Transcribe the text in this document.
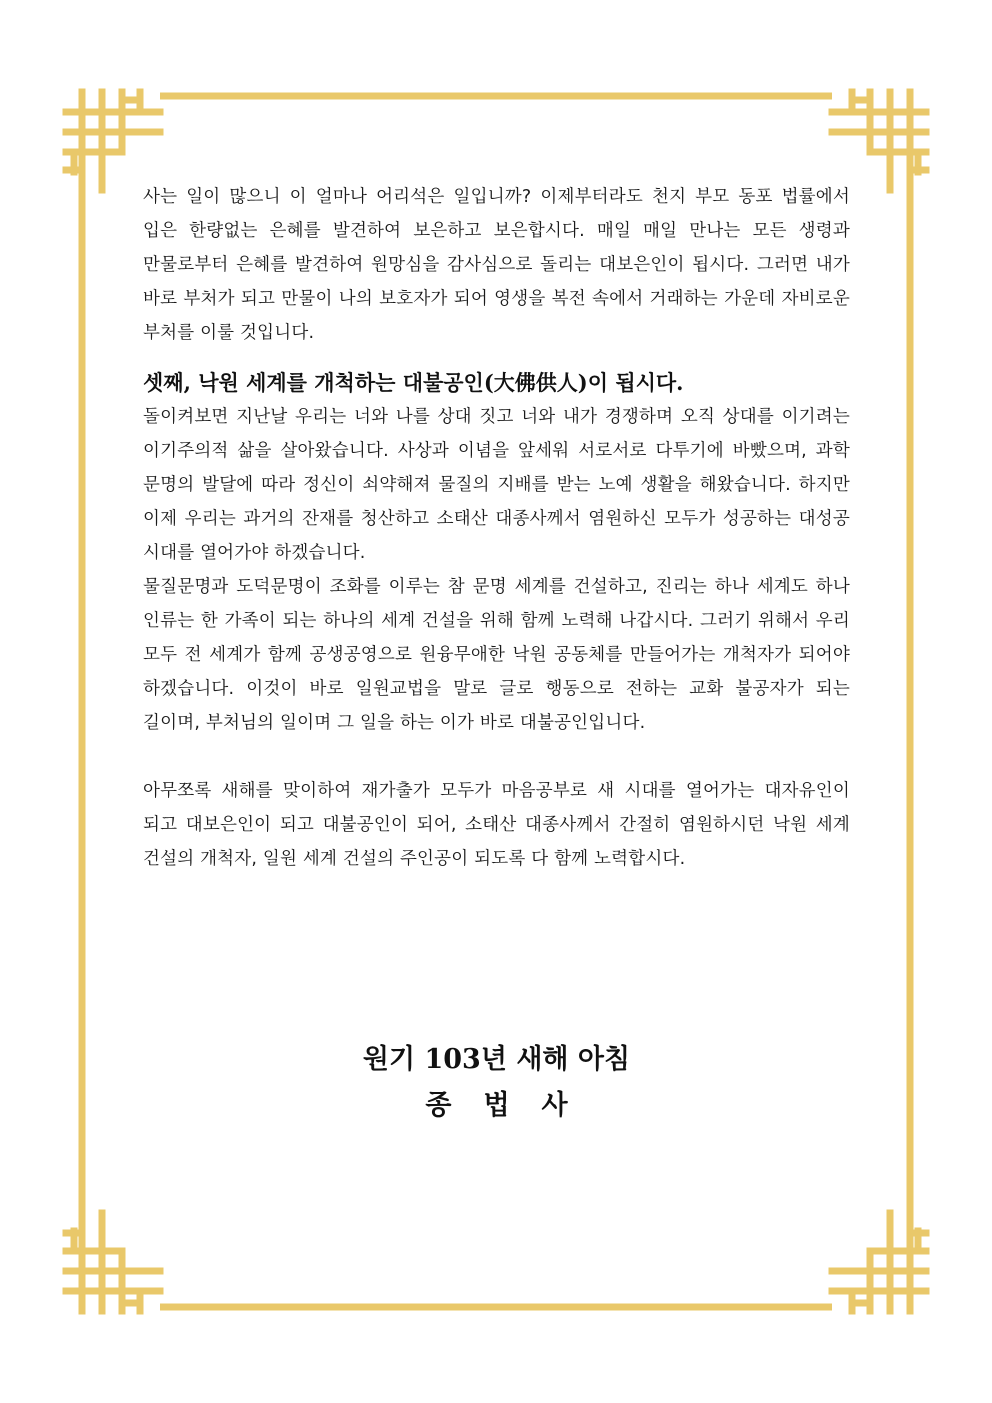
사는 일이 많으니 이 얼마나 어리석은 일입니까? 이제부터라도 천지 부모 동포 법률에서 입은 한량없는 은혜를 발견하여 보은하고 보은합시다. 매일 매일 만나는 모든 생령과 만물로부터 은혜를 발견하여 원망심을 감사심으로 돌리는 대보은인이 됩시다. 그러면 내가 바로 부처가 되고 만물이 나의 보호자가 되어 영생을 복전 속에서 거래하는 가운데 자비로운 부처를 이룰 것입니다.

셋째, 낙원 세계를 개척하는 대불공인(大佛供人)이 됩시다.

돌이켜보면 지난날 우리는 너와 나를 상대 짓고 너와 내가 경쟁하며 오직 상대를 이기려는 이기주의적 삶을 살아왔습니다. 사상과 이념을 앞세워 서로서로 다투기에 바빴으며, 과학 문명의 발달에 따라 정신이 쇠약해져 물질의 지배를 받는 노예 생활을 해왔습니다. 하지만 이제 우리는 과거의 잔재를 청산하고 소태산 대종사께서 염원하신 모두가 성공하는 대성공 시대를 열어가야 하겠습니다.

물질문명과 도덕문명이 조화를 이루는 참 문명 세계를 건설하고, 진리는 하나 세계도 하나 인류는 한 가족이 되는 하나의 세계 건설을 위해 함께 노력해 나갑시다. 그러기 위해서 우리 모두 전 세계가 함께 공생공영으로 원융무애한 낙원 공동체를 만들어가는 개척자가 되어야 하겠습니다. 이것이 바로 일원교법을 말로 글로 행동으로 전하는 교화 불공자가 되는 길이며, 부처님의 일이며 그 일을 하는 이가 바로 대불공인입니다.

아무쪼록 새해를 맞이하여 재가출가 모두가 마음공부로 새 시대를 열어가는 대자유인이 되고 대보은인이 되고 대불공인이 되어, 소태산 대종사께서 간절히 염원하시던 낙원 세계 건설의 개척자, 일원 세계 건설의 주인공이 되도록 다 함께 노력합시다.

원기 103년 새해 아침
종법사
